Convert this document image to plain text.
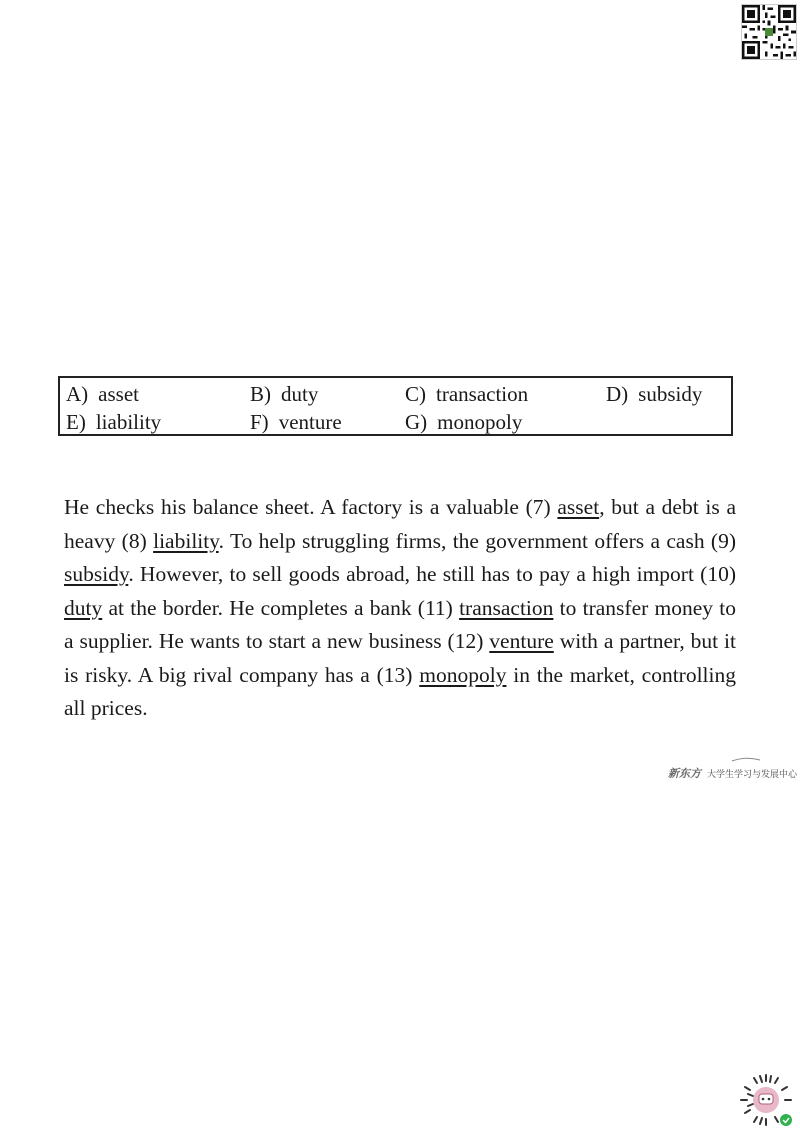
A) asset	B) duty	C) transaction	D) subsidy
E) liability	F) venture	G) monopoly
He checks his balance sheet. A factory is a valuable (7) asset, but a debt is a heavy (8) liability. To help struggling firms, the government offers a cash (9) subsidy. However, to sell goods abroad, he still has to pay a high import (10) duty at the border. He completes a bank (11) transaction to transfer money to a supplier. He wants to start a new business (12) venture with a partner, but it is risky. A big rival company has a (13) monopoly in the market, controlling all prices.
新东方 大学生学习与发展中心
